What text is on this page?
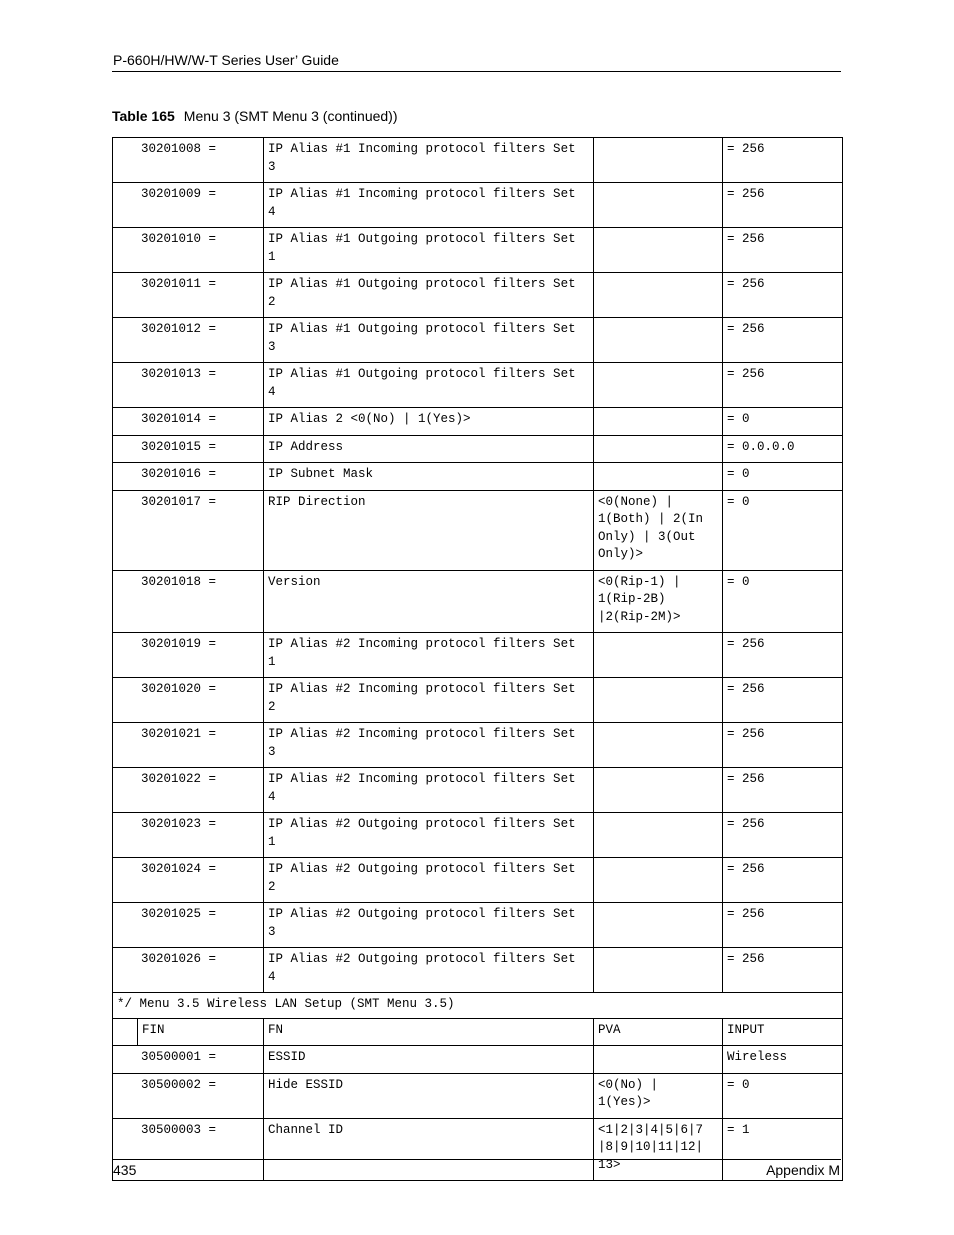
P-660H/HW/W-T Series User’ Guide
Table 165 Menu 3 (SMT Menu 3 (continued))
30201008 =		IP Alias #1 Incoming protocol filters Set 3		= 256
30201009 =		IP Alias #1 Incoming protocol filters Set 4		= 256
30201010 =		IP Alias #1 Outgoing protocol filters Set 1		= 256
30201011 =		IP Alias #1 Outgoing protocol filters Set 2		= 256
30201012 =		IP Alias #1 Outgoing protocol filters Set 3		= 256
30201013 =		IP Alias #1 Outgoing protocol filters Set 4		= 256
30201014 =		IP Alias 2 <0(No) | 1(Yes)>		= 0
30201015 =		IP Address		= 0.0.0.0
30201016 =		IP Subnet Mask		= 0
30201017 =		RIP Direction	<0(None) | 1(Both) | 2(In Only) | 3(Out Only)>	= 0
30201018 =		Version	<0(Rip-1) | 1(Rip-2B) |2(Rip-2M)>	= 0
30201019 =		IP Alias #2 Incoming protocol filters Set 1		= 256
30201020 =		IP Alias #2 Incoming protocol filters Set 2		= 256
30201021 =		IP Alias #2 Incoming protocol filters Set 3		= 256
30201022 =		IP Alias #2 Incoming protocol filters Set 4		= 256
30201023 =		IP Alias #2 Outgoing protocol filters Set 1		= 256
30201024 =		IP Alias #2 Outgoing protocol filters Set 2		= 256
30201025 =		IP Alias #2 Outgoing protocol filters Set 3		= 256
30201026 =		IP Alias #2 Outgoing protocol filters Set 4		= 256
*/ Menu 3.5 Wireless LAN Setup (SMT Menu 3.5)				
	FIN	FN	PVA	INPUT
30500001 =		ESSID		Wireless
30500002 =		Hide ESSID	<0(No) | 1(Yes)>	= 0
30500003 =		Channel ID	<1|2|3|4|5|6|7 |8|9|10|11|12| 13>	= 1
435	Appendix M
